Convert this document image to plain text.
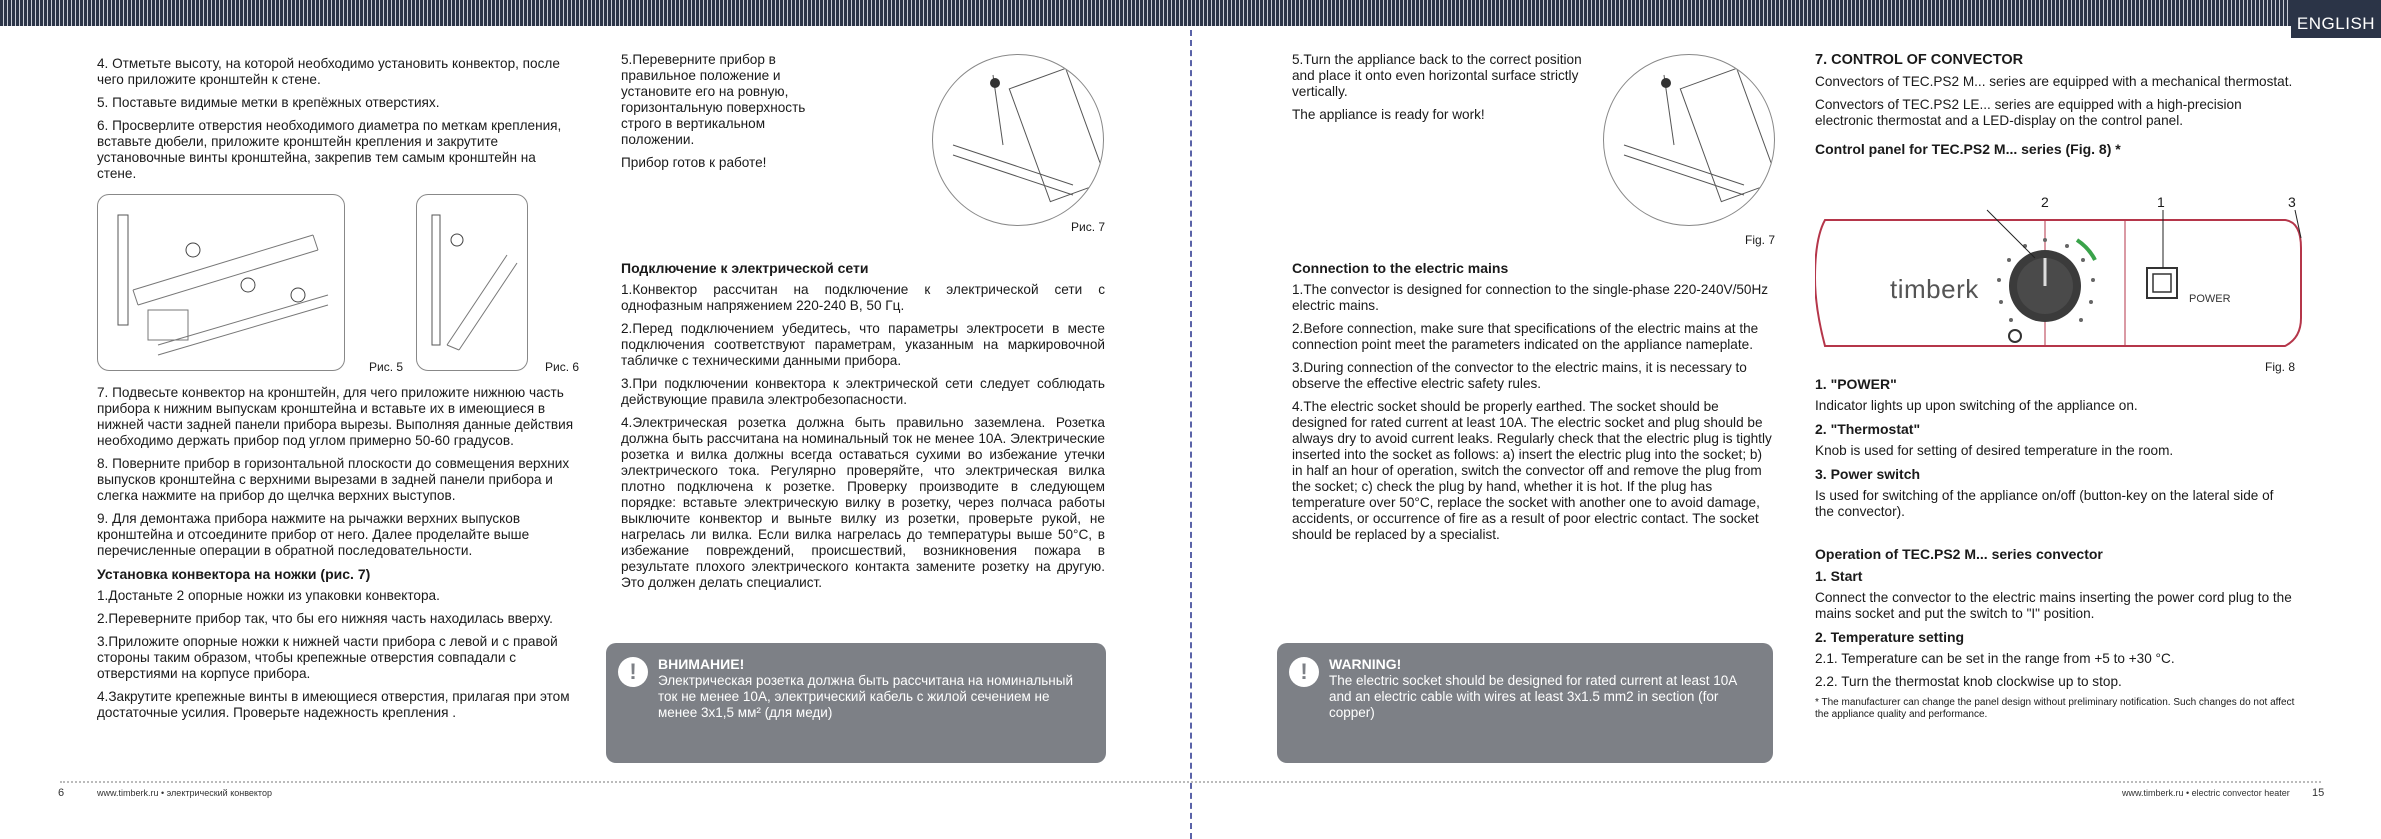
ENGLISH

4. Отметьте высоту, на которой необходимо установить конвектор, после чего приложите кронштейн к стене.

5. Поставьте видимые метки в крепёжных отверстиях.

6. Просверлите отверстия необходимого диаметра по меткам крепления, вставьте дюбели, приложите кронштейн крепления и закрутите установочные винты кронштейна, закрепив тем самым кронштейн на стене.

Рис. 5	Рис. 6

7. Подвесьте конвектор на кронштейн, для чего приложите нижнюю часть прибора к нижним выпускам кронштейна и вставьте их в имеющиеся в нижней части задней панели прибора вырезы. Выполняя данные действия необходимо держать прибор под углом примерно 50-60 градусов.

8. Поверните прибор в горизонтальной плоскости до совмещения верхних выпусков кронштейна с верхними вырезами в задней панели прибора и слегка нажмите на прибор до щелчка верхних выступов.

9. Для демонтажа прибора нажмите на рычажки верхних выпусков кронштейна и отсоедините прибор от него. Далее проделайте выше перечисленные операции в обратной последовательности.

Установка конвектора на ножки (рис. 7)

1.Достаньте 2 опорные ножки из упаковки конвектора.

2.Переверните прибор так, что бы его нижняя часть находилась вверху.

3.Приложите опорные ножки к нижней части прибора с левой и с правой стороны таким образом, чтобы крепежные отверстия совпадали с отверстиями на корпусе прибора.

4.Закрутите крепежные винты в имеющиеся отверстия, прилагая при этом достаточные усилия. Проверьте надежность крепления .

5.Переверните прибор в правильное положение и установите его на ровную, горизонтальную поверхность строго в вертикальном положении.

Прибор готов к работе!

Рис. 7
Подключение к электрической сети

1.Конвектор рассчитан на подключение к электрической сети с однофазным напряжением 220-240 В, 50 Гц.

2.Перед подключением убедитесь, что параметры электросети в месте подключения соответствуют параметрам, указанным на маркировочной табличке с техническими данными прибора.

3.При подключении конвектора к электрической сети следует соблюдать действующие правила электробезопасности.

4.Электрическая розетка должна быть правильно заземлена. Розетка должна быть рассчитана на номинальный ток не менее 10А. Электрические розетка и вилка должны всегда оставаться сухими во избежание утечки электрического тока. Регулярно проверяйте, что электрическая вилка плотно подключена к розетке. Проверку производите в следующем порядке: вставьте электрическую вилку в розетку, через полчаса работы выключите конвектор и выньте вилку из розетки, проверьте рукой, не нагрелась ли вилка. Если вилка нагрелась до температуры выше 50°С, в избежание повреждений, происшествий, возникновения пожара в результате плохого электрического контакта замените розетку на другую. Это должен делать специалист.

!	ВНИМАНИЕ!
Электрическая розетка должна быть рассчитана на номинальный ток не менее 10А, электрический кабель с жилой сечением не менее 3х1,5 мм² (для меди)

5.Turn the appliance back to the correct position and place it onto even horizontal surface strictly vertically.

The appliance is ready for work!

Fig. 7
Connection to the electric mains

1.The convector is designed for connection to the single-phase 220-240V/50Hz electric mains.

2.Before connection, make sure that specifications of the electric mains at the connection point meet the parameters indicated on the appliance nameplate.

3.During connection of the convector to the electric mains, it is necessary to observe the effective electric safety rules.

4.The electric socket should be properly earthed. The socket should be designed for rated current at least 10A. The electric socket and plug should be always dry to avoid current leaks. Regularly check that the electric plug is tightly inserted into the socket as follows: a) insert the electric plug into the socket; b) in half an hour of operation, switch the convector off and remove the plug from the socket; c) check the plug by hand, whether it is hot. If the plug has temperature over 50°C, replace the socket with another one to avoid damage, accidents, or occurrence of fire as a result of poor electric contact. The socket should be replaced by a specialist.

!	WARNING!
The electric socket should be designed for rated current at least 10A and an electric cable with wires at least 3x1.5 mm2 in section (for copper)
7. CONTROL OF CONVECTOR

Convectors of TEC.PS2 M... series are equipped with a mechanical thermostat.

Convectors of TEC.PS2 LE... series are equipped with a high-precision electronic thermostat and a LED-display on the control panel.

Control panel for TEC.PS2 M... series (Fig. 8) *
2	1	3
timberk	POWER
Fig. 8
1. "POWER"

Indicator lights up upon switching of the appliance on.

2. "Thermostat"

Knob is used for setting of desired temperature in the room.

3. Power switch

Is used for switching of the appliance on/off (button-key on the lateral side of the convector).

Operation of TEC.PS2 M... series convector
1. Start

Connect the convector to the electric mains inserting the power cord plug to the mains socket and put the switch to "I" position.

2. Temperature setting

2.1. Temperature can be set in the range from +5 to +30 °С.

2.2. Turn the thermostat knob clockwise up to stop.

* The manufacturer can change the panel design without preliminary notification. Such changes do not affect the appliance quality and performance.

6	www.timberk.ru • электрический конвектор	www.timberk.ru • electric convector heater 15
